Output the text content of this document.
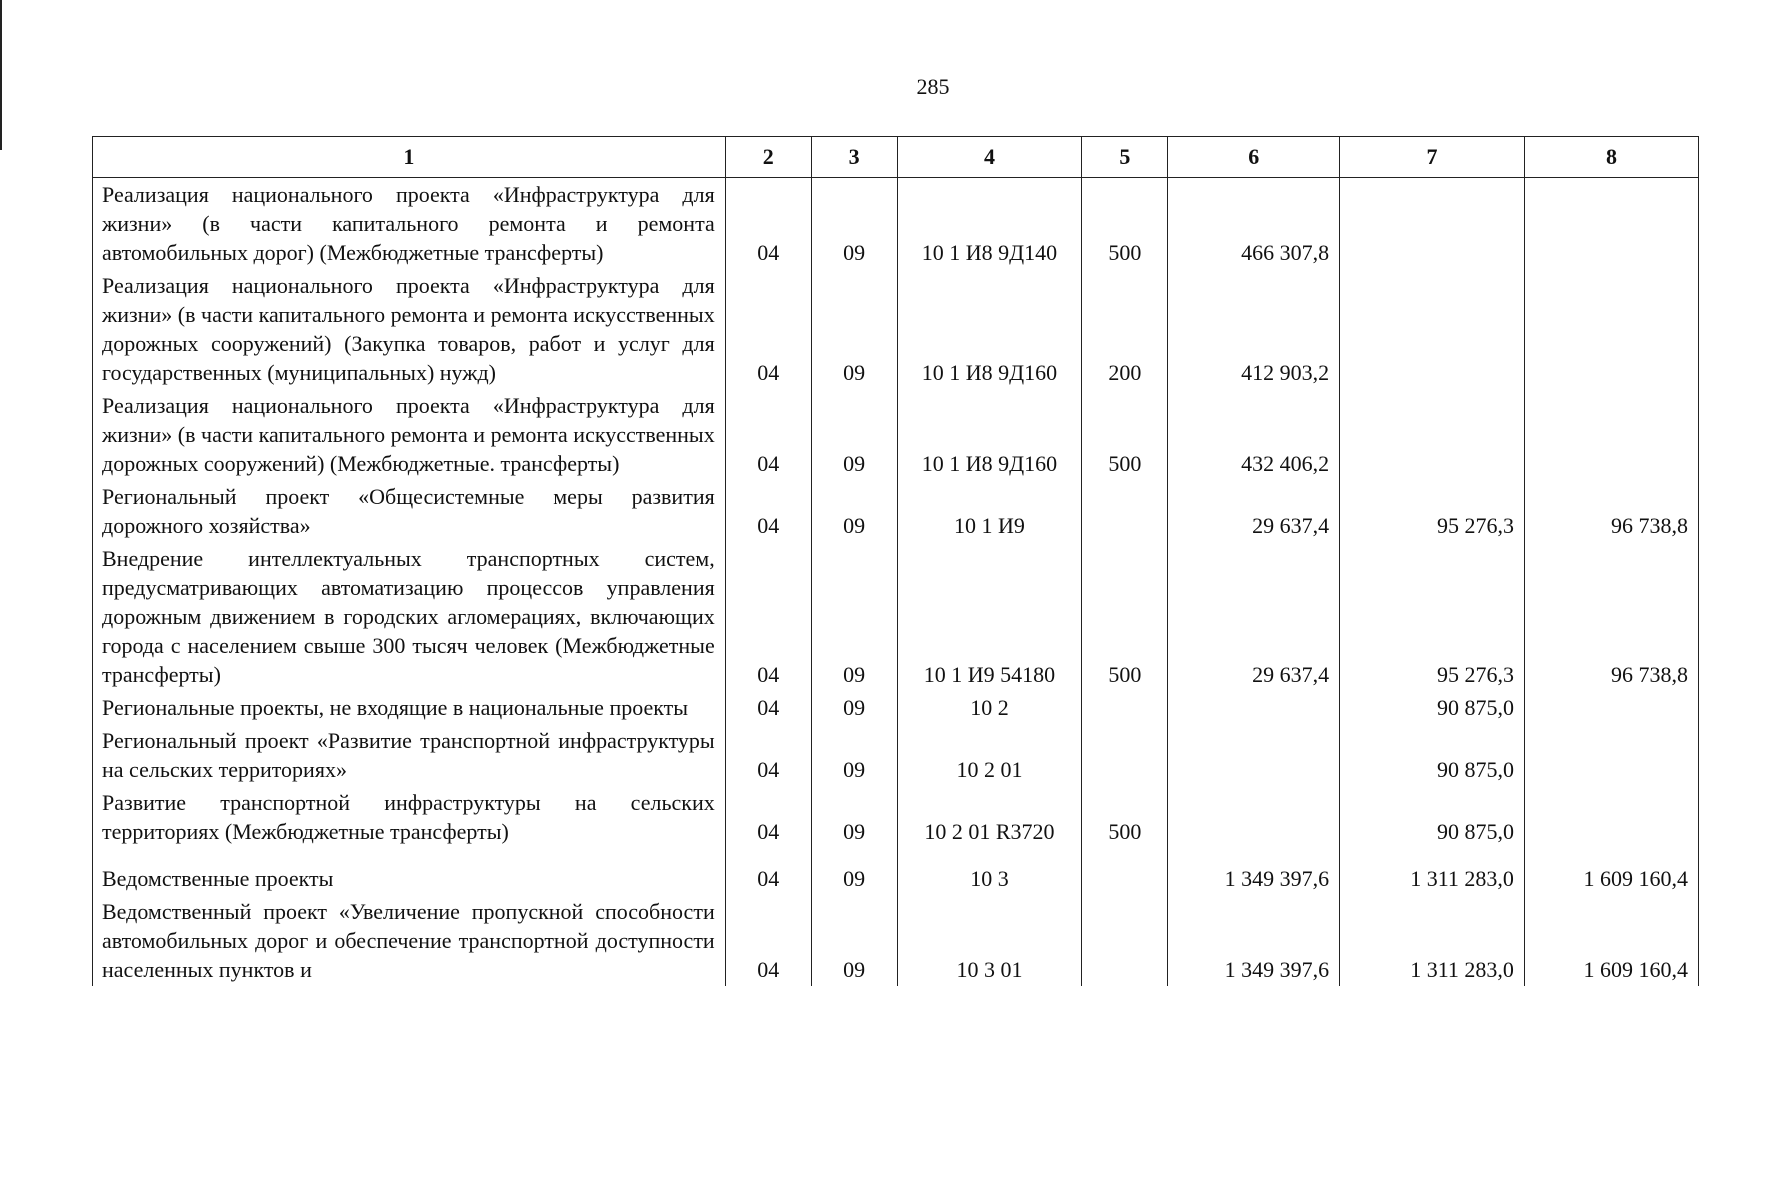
285
1	2	3	4	5	6	7	8
Реализация национального проекта «Инфраструктура для жизни» (в части капитального ремонта и ремонта автомобильных дорог) (Межбюджетные трансферты)	04	09	10 1 И8 9Д140	500	466 307,8		
Реализация национального проекта «Инфраструктура для жизни» (в части капитального ремонта и ремонта искусственных дорожных сооружений) (Закупка товаров, работ и услуг для государственных (муниципальных) нужд)	04	09	10 1 И8 9Д160	200	412 903,2		
Реализация национального проекта «Инфраструктура для жизни» (в части капитального ремонта и ремонта искусственных дорожных сооружений) (Межбюджетные. трансферты)	04	09	10 1 И8 9Д160	500	432 406,2		
Региональный проект «Общесистемные меры развития дорожного хозяйства»	04	09	10 1 И9		29 637,4	95 276,3	96 738,8
Внедрение интеллектуальных транспортных систем, предусматривающих автоматизацию процессов управления дорожным движением в городских агломерациях, включающих города с населением свыше 300 тысяч человек (Межбюджетные трансферты)	04	09	10 1 И9 54180	500	29 637,4	95 276,3	96 738,8
Региональные проекты, не входящие в национальные проекты	04	09	10 2			90 875,0	
Региональный проект «Развитие транспортной инфраструктуры на сельских территориях»	04	09	10 2 01			90 875,0	
Развитие транспортной инфраструктуры на сельских территориях (Межбюджетные трансферты)	04	09	10 2 01 R3720	500		90 875,0	
Ведомственные проекты	04	09	10 3		1 349 397,6	1 311 283,0	1 609 160,4
Ведомственный проект «Увеличение пропускной способности автомобильных дорог и обеспечение транспортной доступности населенных пунктов и	04	09	10 3 01		1 349 397,6	1 311 283,0	1 609 160,4
